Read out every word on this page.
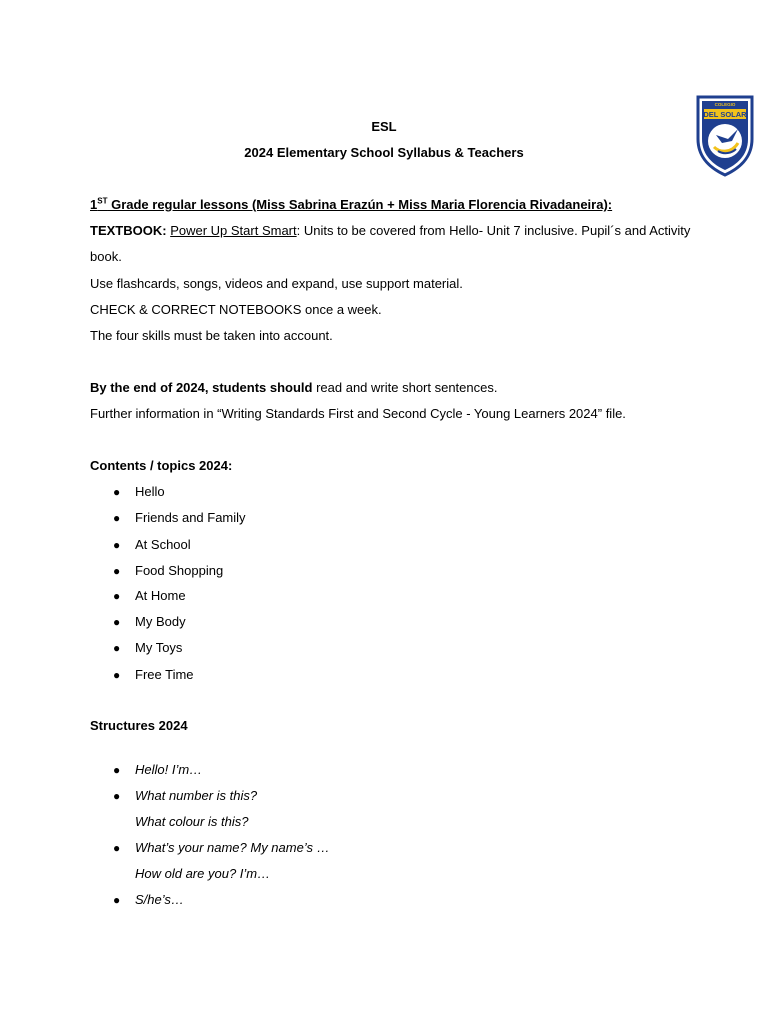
DEL SOLAR
COLEGIO
ESL
2024 Elementary School Syllabus & Teachers
1ST Grade regular lessons (Miss Sabrina Erazún + Miss Maria Florencia Rivadaneira):
TEXTBOOK: Power Up Start Smart: Units to be covered from Hello- Unit 7 inclusive. Pupil´s and Activity
book.
Use flashcards, songs, videos and expand, use support material.
CHECK & CORRECT NOTEBOOKS once a week.
The four skills must be taken into account.
By the end of 2024, students should read and write short sentences.
Further information in “Writing Standards First and Second Cycle - Young Learners 2024” file.
Contents / topics 2024:
● Hello
● Friends and Family
● At School
● Food Shopping
● At Home
● My Body
● My Toys
● Free Time
Structures 2024
● Hello! I’m…
● What number is this?
What colour is this?
● What’s your name? My name’s …
How old are you? I’m…
● S/he’s…
